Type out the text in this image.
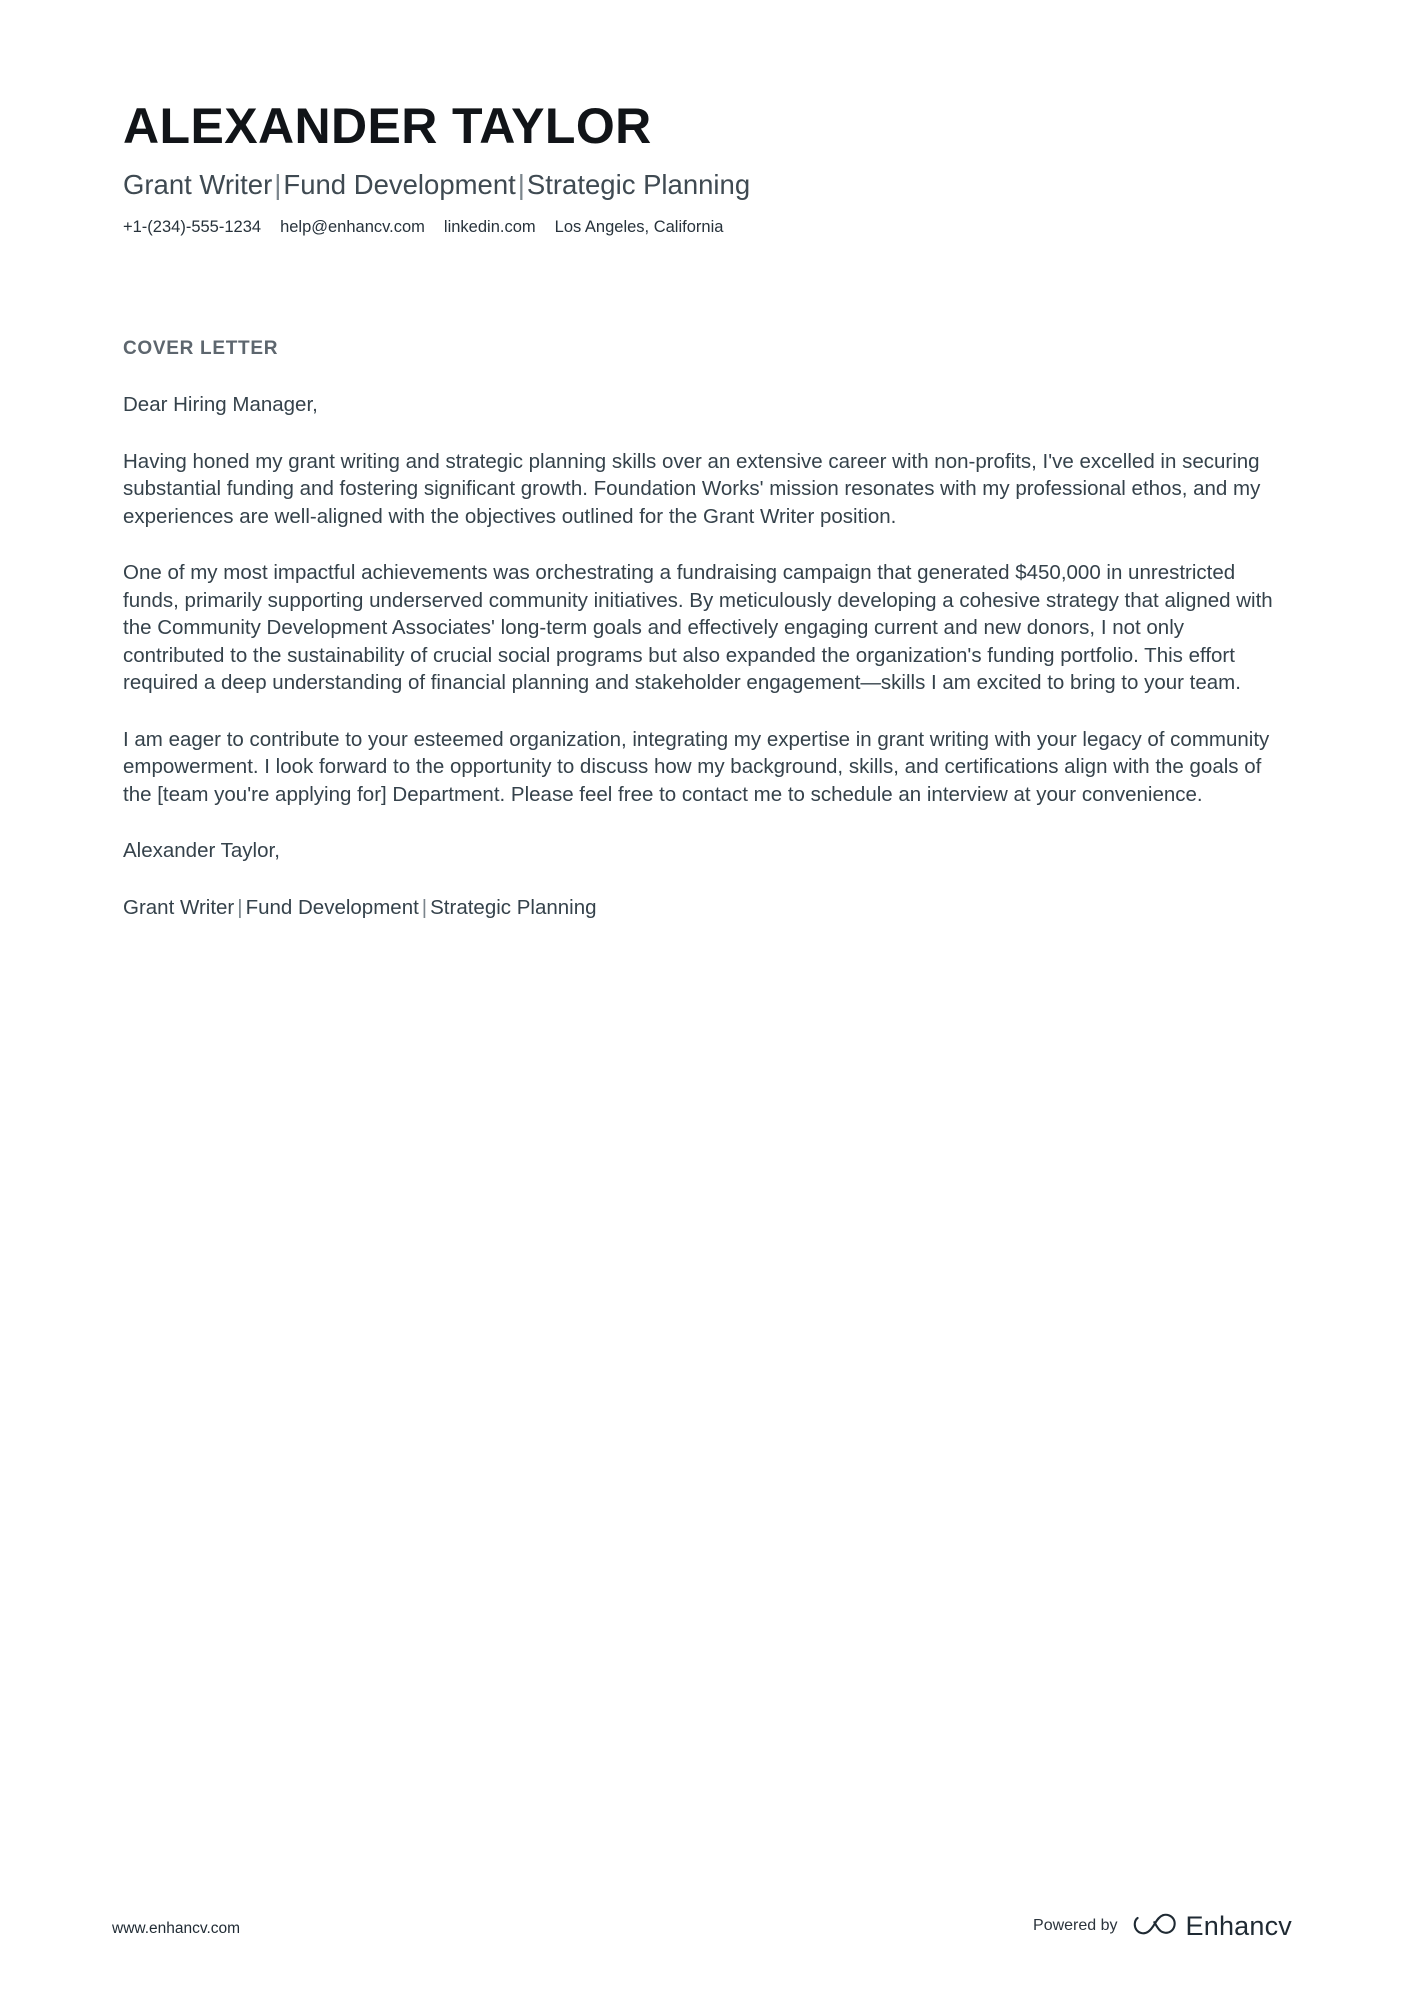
ALEXANDER TAYLOR
Grant Writer|Fund Development|Strategic Planning
+1-(234)-555-1234 help@enhancv.com linkedin.com Los Angeles, California
COVER LETTER

Dear Hiring Manager,

Having honed my grant writing and strategic planning skills over an extensive career with non-profits, I've excelled in securing substantial funding and fostering significant growth. Foundation Works' mission resonates with my professional ethos, and my experiences are well-aligned with the objectives outlined for the Grant Writer position.

One of my most impactful achievements was orchestrating a fundraising campaign that generated $450,000 in unrestricted funds, primarily supporting underserved community initiatives. By meticulously developing a cohesive strategy that aligned with the Community Development Associates' long-term goals and effectively engaging current and new donors, I not only contributed to the sustainability of crucial social programs but also expanded the organization's funding portfolio. This effort required a deep understanding of financial planning and stakeholder engagement—skills I am excited to bring to your team.

I am eager to contribute to your esteemed organization, integrating my expertise in grant writing with your legacy of community empowerment. I look forward to the opportunity to discuss how my background, skills, and certifications align with the goals of the [team you're applying for] Department. Please feel free to contact me to schedule an interview at your convenience.

Alexander Taylor,

Grant Writer | Fund Development | Strategic Planning

www.enhancv.com	Powered by	Enhancv
